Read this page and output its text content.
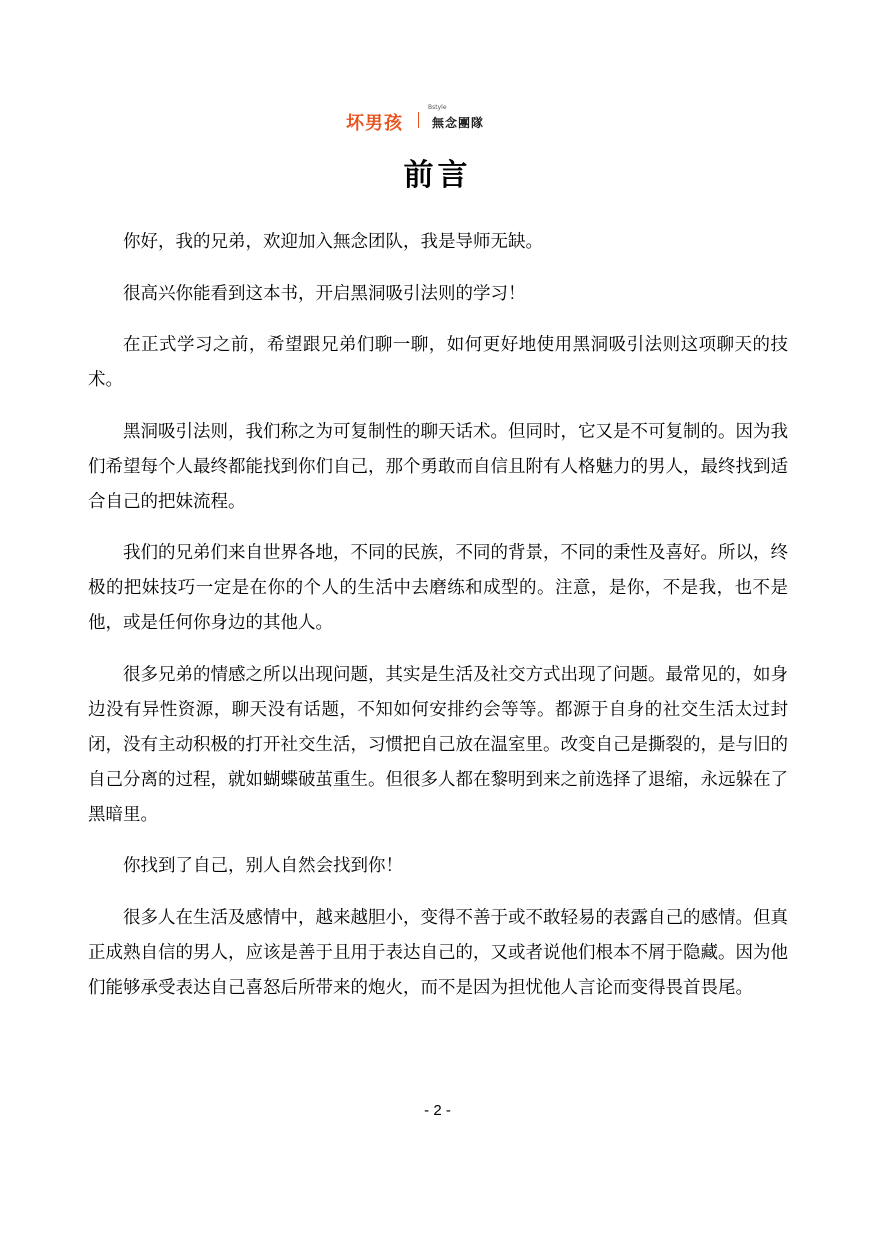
坏男孩
Bstyle
無念團隊
前言

你好，我的兄弟，欢迎加入無念团队，我是导师无缺。

很高兴你能看到这本书，开启黑洞吸引法则的学习！

在正式学习之前，希望跟兄弟们聊一聊，如何更好地使用黑洞吸引法则这项聊天的技术。

黑洞吸引法则，我们称之为可复制性的聊天话术。但同时，它又是不可复制的。因为我们希望每个人最终都能找到你们自己，那个勇敢而自信且附有人格魅力的男人，最终找到适合自己的把妹流程。

我们的兄弟们来自世界各地，不同的民族，不同的背景，不同的秉性及喜好。所以，终极的把妹技巧一定是在你的个人的生活中去磨练和成型的。注意，是你，不是我，也不是他，或是任何你身边的其他人。

很多兄弟的情感之所以出现问题，其实是生活及社交方式出现了问题。最常见的，如身边没有异性资源，聊天没有话题，不知如何安排约会等等。都源于自身的社交生活太过封闭，没有主动积极的打开社交生活，习惯把自己放在温室里。改变自己是撕裂的，是与旧的自己分离的过程，就如蝴蝶破茧重生。但很多人都在黎明到来之前选择了退缩，永远躲在了黑暗里。

你找到了自己，别人自然会找到你！

很多人在生活及感情中，越来越胆小，变得不善于或不敢轻易的表露自己的感情。但真正成熟自信的男人，应该是善于且用于表达自己的，又或者说他们根本不屑于隐藏。因为他们能够承受表达自己喜怒后所带来的炮火，而不是因为担忧他人言论而变得畏首畏尾。

- 2 -
